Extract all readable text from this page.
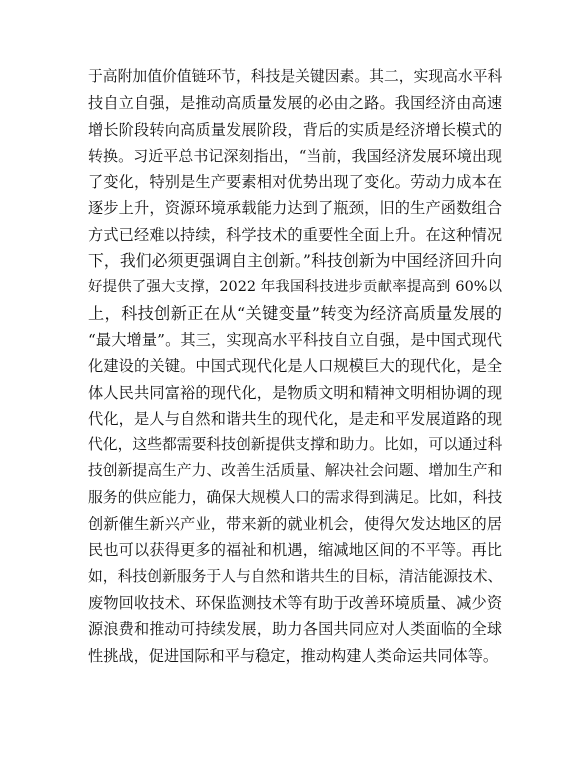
于高附加值价值链环节，科技是关键因素。其二，实现高水平科
技自立自强，是推动高质量发展的必由之路。我国经济由高速
增长阶段转向高质量发展阶段，背后的实质是经济增长模式的
转换。习近平总书记深刻指出，“当前，我国经济发展环境出现
了变化，特别是生产要素相对优势出现了变化。劳动力成本在
逐步上升，资源环境承载能力达到了瓶颈，旧的生产函数组合
方式已经难以持续，科学技术的重要性全面上升。在这种情况
下，我们必须更强调自主创新。”科技创新为中国经济回升向
好提供了强大支撑，2022 年我国科技进步贡献率提高到 60%以
上，科技创新正在从“关键变量”转变为经济高质量发展的
“最大增量”。其三，实现高水平科技自立自强，是中国式现代
化建设的关键。中国式现代化是人口规模巨大的现代化，是全
体人民共同富裕的现代化，是物质文明和精神文明相协调的现
代化，是人与自然和谐共生的现代化，是走和平发展道路的现
代化，这些都需要科技创新提供支撑和助力。比如，可以通过科
技创新提高生产力、改善生活质量、解决社会问题、增加生产和
服务的供应能力，确保大规模人口的需求得到满足。比如，科技
创新催生新兴产业，带来新的就业机会，使得欠发达地区的居
民也可以获得更多的福祉和机遇，缩减地区间的不平等。再比
如，科技创新服务于人与自然和谐共生的目标，清洁能源技术、
废物回收技术、环保监测技术等有助于改善环境质量、减少资
源浪费和推动可持续发展，助力各国共同应对人类面临的全球
性挑战，促进国际和平与稳定，推动构建人类命运共同体等。
